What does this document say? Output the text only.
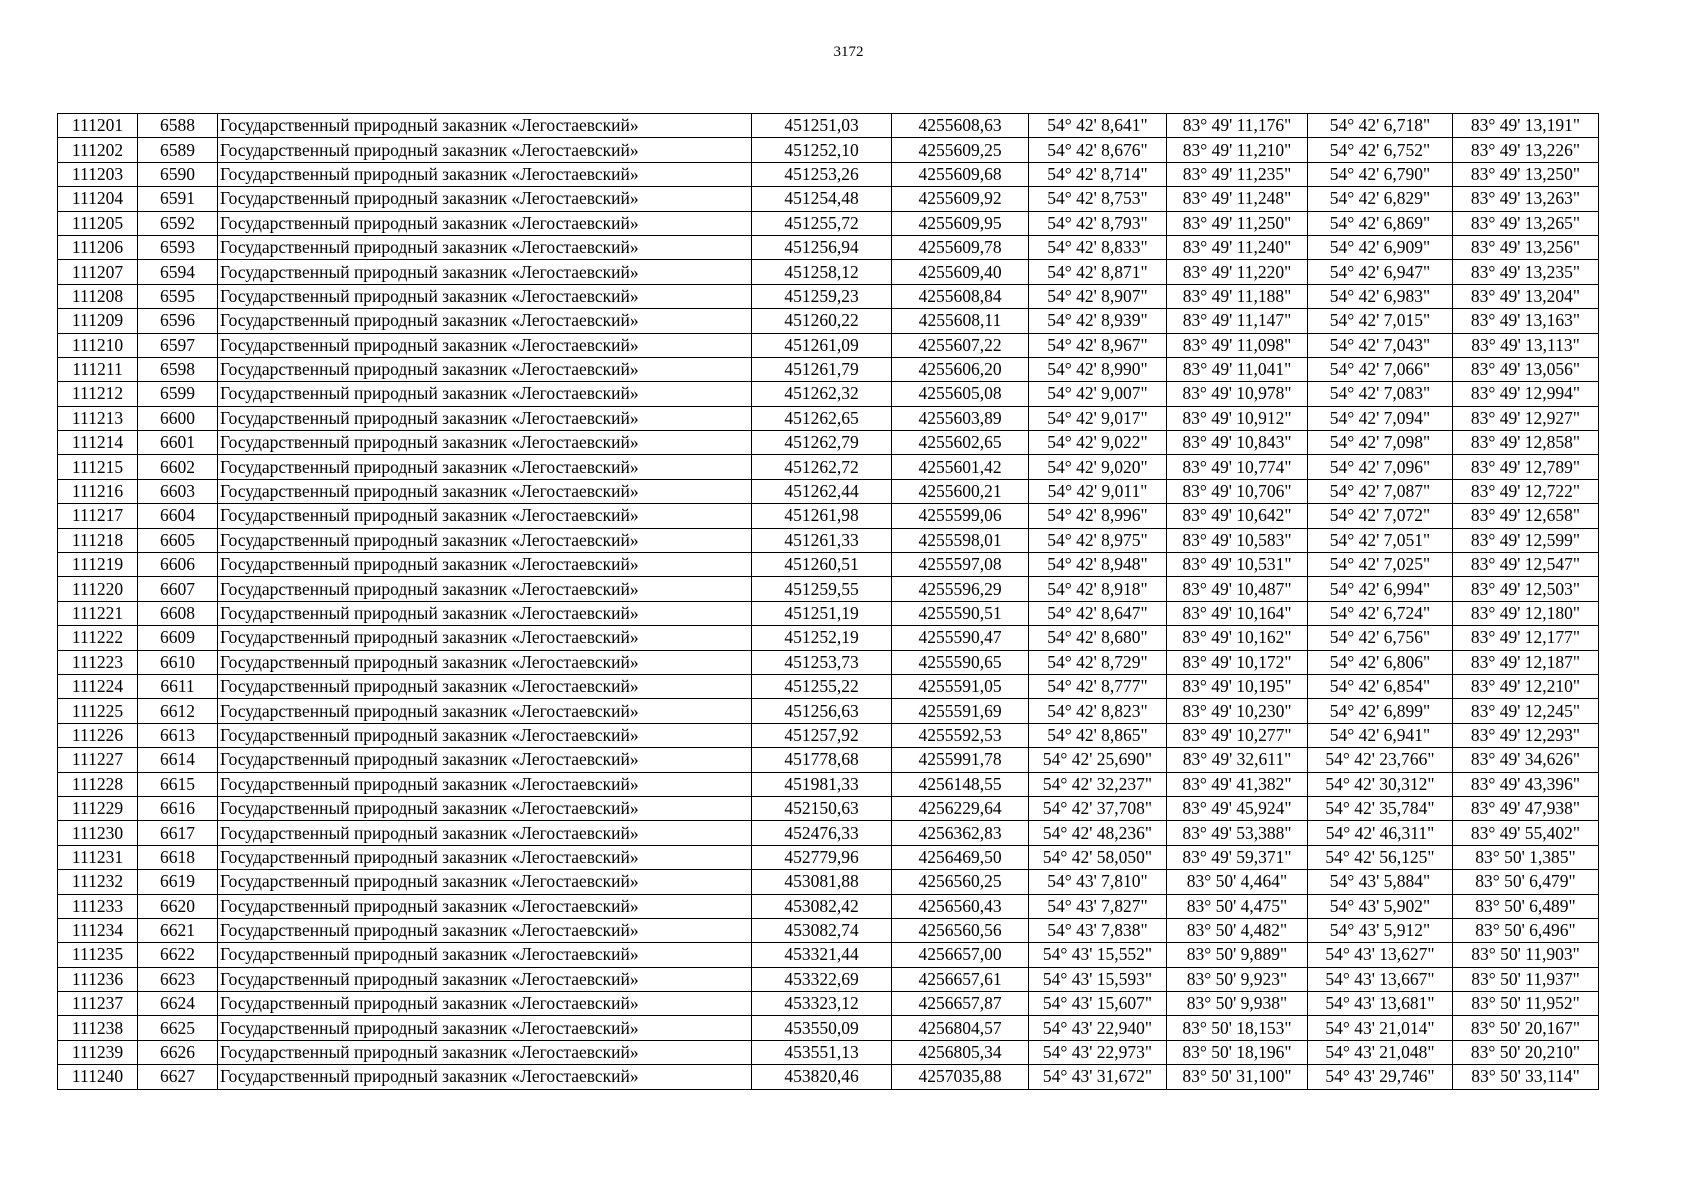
3172
111201	6588	Государственный природный заказник «Легостаевский»	451251,03	4255608,63	54° 42' 8,641"	83° 49' 11,176"	54° 42' 6,718"	83° 49' 13,191"
111202	6589	Государственный природный заказник «Легостаевский»	451252,10	4255609,25	54° 42' 8,676"	83° 49' 11,210"	54° 42' 6,752"	83° 49' 13,226"
111203	6590	Государственный природный заказник «Легостаевский»	451253,26	4255609,68	54° 42' 8,714"	83° 49' 11,235"	54° 42' 6,790"	83° 49' 13,250"
111204	6591	Государственный природный заказник «Легостаевский»	451254,48	4255609,92	54° 42' 8,753"	83° 49' 11,248"	54° 42' 6,829"	83° 49' 13,263"
111205	6592	Государственный природный заказник «Легостаевский»	451255,72	4255609,95	54° 42' 8,793"	83° 49' 11,250"	54° 42' 6,869"	83° 49' 13,265"
111206	6593	Государственный природный заказник «Легостаевский»	451256,94	4255609,78	54° 42' 8,833"	83° 49' 11,240"	54° 42' 6,909"	83° 49' 13,256"
111207	6594	Государственный природный заказник «Легостаевский»	451258,12	4255609,40	54° 42' 8,871"	83° 49' 11,220"	54° 42' 6,947"	83° 49' 13,235"
111208	6595	Государственный природный заказник «Легостаевский»	451259,23	4255608,84	54° 42' 8,907"	83° 49' 11,188"	54° 42' 6,983"	83° 49' 13,204"
111209	6596	Государственный природный заказник «Легостаевский»	451260,22	4255608,11	54° 42' 8,939"	83° 49' 11,147"	54° 42' 7,015"	83° 49' 13,163"
111210	6597	Государственный природный заказник «Легостаевский»	451261,09	4255607,22	54° 42' 8,967"	83° 49' 11,098"	54° 42' 7,043"	83° 49' 13,113"
111211	6598	Государственный природный заказник «Легостаевский»	451261,79	4255606,20	54° 42' 8,990"	83° 49' 11,041"	54° 42' 7,066"	83° 49' 13,056"
111212	6599	Государственный природный заказник «Легостаевский»	451262,32	4255605,08	54° 42' 9,007"	83° 49' 10,978"	54° 42' 7,083"	83° 49' 12,994"
111213	6600	Государственный природный заказник «Легостаевский»	451262,65	4255603,89	54° 42' 9,017"	83° 49' 10,912"	54° 42' 7,094"	83° 49' 12,927"
111214	6601	Государственный природный заказник «Легостаевский»	451262,79	4255602,65	54° 42' 9,022"	83° 49' 10,843"	54° 42' 7,098"	83° 49' 12,858"
111215	6602	Государственный природный заказник «Легостаевский»	451262,72	4255601,42	54° 42' 9,020"	83° 49' 10,774"	54° 42' 7,096"	83° 49' 12,789"
111216	6603	Государственный природный заказник «Легостаевский»	451262,44	4255600,21	54° 42' 9,011"	83° 49' 10,706"	54° 42' 7,087"	83° 49' 12,722"
111217	6604	Государственный природный заказник «Легостаевский»	451261,98	4255599,06	54° 42' 8,996"	83° 49' 10,642"	54° 42' 7,072"	83° 49' 12,658"
111218	6605	Государственный природный заказник «Легостаевский»	451261,33	4255598,01	54° 42' 8,975"	83° 49' 10,583"	54° 42' 7,051"	83° 49' 12,599"
111219	6606	Государственный природный заказник «Легостаевский»	451260,51	4255597,08	54° 42' 8,948"	83° 49' 10,531"	54° 42' 7,025"	83° 49' 12,547"
111220	6607	Государственный природный заказник «Легостаевский»	451259,55	4255596,29	54° 42' 8,918"	83° 49' 10,487"	54° 42' 6,994"	83° 49' 12,503"
111221	6608	Государственный природный заказник «Легостаевский»	451251,19	4255590,51	54° 42' 8,647"	83° 49' 10,164"	54° 42' 6,724"	83° 49' 12,180"
111222	6609	Государственный природный заказник «Легостаевский»	451252,19	4255590,47	54° 42' 8,680"	83° 49' 10,162"	54° 42' 6,756"	83° 49' 12,177"
111223	6610	Государственный природный заказник «Легостаевский»	451253,73	4255590,65	54° 42' 8,729"	83° 49' 10,172"	54° 42' 6,806"	83° 49' 12,187"
111224	6611	Государственный природный заказник «Легостаевский»	451255,22	4255591,05	54° 42' 8,777"	83° 49' 10,195"	54° 42' 6,854"	83° 49' 12,210"
111225	6612	Государственный природный заказник «Легостаевский»	451256,63	4255591,69	54° 42' 8,823"	83° 49' 10,230"	54° 42' 6,899"	83° 49' 12,245"
111226	6613	Государственный природный заказник «Легостаевский»	451257,92	4255592,53	54° 42' 8,865"	83° 49' 10,277"	54° 42' 6,941"	83° 49' 12,293"
111227	6614	Государственный природный заказник «Легостаевский»	451778,68	4255991,78	54° 42' 25,690"	83° 49' 32,611"	54° 42' 23,766"	83° 49' 34,626"
111228	6615	Государственный природный заказник «Легостаевский»	451981,33	4256148,55	54° 42' 32,237"	83° 49' 41,382"	54° 42' 30,312"	83° 49' 43,396"
111229	6616	Государственный природный заказник «Легостаевский»	452150,63	4256229,64	54° 42' 37,708"	83° 49' 45,924"	54° 42' 35,784"	83° 49' 47,938"
111230	6617	Государственный природный заказник «Легостаевский»	452476,33	4256362,83	54° 42' 48,236"	83° 49' 53,388"	54° 42' 46,311"	83° 49' 55,402"
111231	6618	Государственный природный заказник «Легостаевский»	452779,96	4256469,50	54° 42' 58,050"	83° 49' 59,371"	54° 42' 56,125"	83° 50' 1,385"
111232	6619	Государственный природный заказник «Легостаевский»	453081,88	4256560,25	54° 43' 7,810"	83° 50' 4,464"	54° 43' 5,884"	83° 50' 6,479"
111233	6620	Государственный природный заказник «Легостаевский»	453082,42	4256560,43	54° 43' 7,827"	83° 50' 4,475"	54° 43' 5,902"	83° 50' 6,489"
111234	6621	Государственный природный заказник «Легостаевский»	453082,74	4256560,56	54° 43' 7,838"	83° 50' 4,482"	54° 43' 5,912"	83° 50' 6,496"
111235	6622	Государственный природный заказник «Легостаевский»	453321,44	4256657,00	54° 43' 15,552"	83° 50' 9,889"	54° 43' 13,627"	83° 50' 11,903"
111236	6623	Государственный природный заказник «Легостаевский»	453322,69	4256657,61	54° 43' 15,593"	83° 50' 9,923"	54° 43' 13,667"	83° 50' 11,937"
111237	6624	Государственный природный заказник «Легостаевский»	453323,12	4256657,87	54° 43' 15,607"	83° 50' 9,938"	54° 43' 13,681"	83° 50' 11,952"
111238	6625	Государственный природный заказник «Легостаевский»	453550,09	4256804,57	54° 43' 22,940"	83° 50' 18,153"	54° 43' 21,014"	83° 50' 20,167"
111239	6626	Государственный природный заказник «Легостаевский»	453551,13	4256805,34	54° 43' 22,973"	83° 50' 18,196"	54° 43' 21,048"	83° 50' 20,210"
111240	6627	Государственный природный заказник «Легостаевский»	453820,46	4257035,88	54° 43' 31,672"	83° 50' 31,100"	54° 43' 29,746"	83° 50' 33,114"
